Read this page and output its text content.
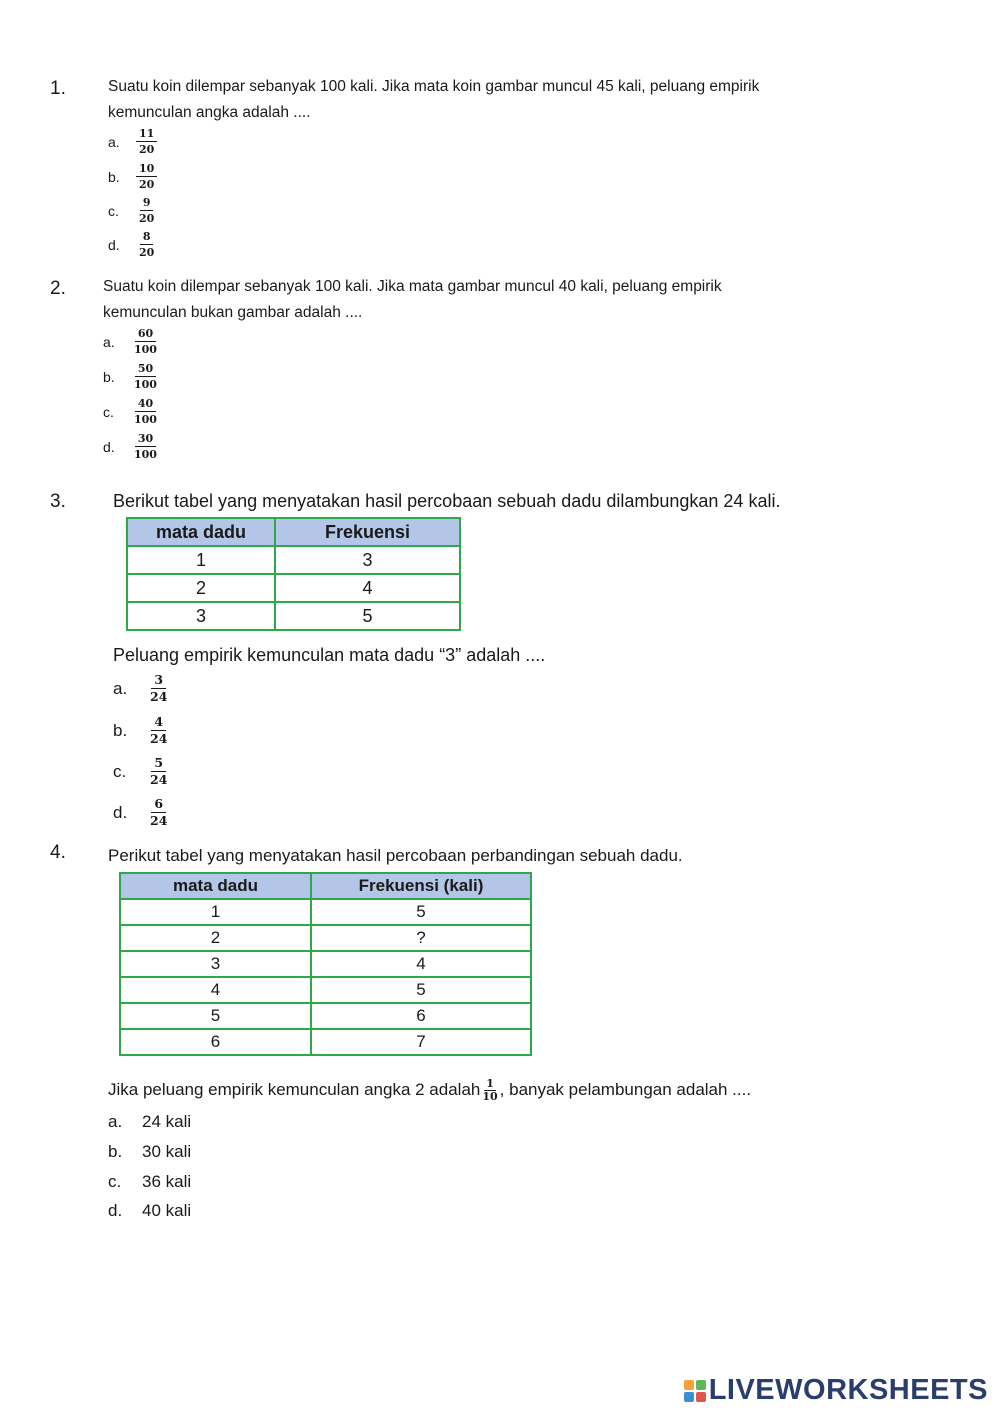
1.	Suatu koin dilempar sebanyak 100 kali. Jika mata koin gambar muncul 45 kali, peluang empirik
kemunculan angka adalah ....
a.	$\frac{11}{20}$
b.	$\frac{10}{20}$
c.	$\frac{9}{20}$
d.	$\frac{8}{20}$
2. Suatu koin dilempar sebanyak 100 kali. Jika mata gambar muncul 40 kali, peluang empirik
kemunculan bukan gambar adalah ....
a.	$\frac{60}{100}$
b.	$\frac{50}{100}$
c.	$\frac{40}{100}$
d.	$\frac{30}{100}$
3.	Berikut tabel yang menyatakan hasil percobaan sebuah dadu dilambungkan 24 kali.
mata dadu	Frekuensi
1	3
2	4
3	5
Peluang empirik kemunculan mata dadu “3” adalah ....
a.	$\frac{3}{24}$
b.	$\frac{4}{24}$
c.	$\frac{5}{24}$
d.	$\frac{6}{24}$
4. Perikut tabel yang menyatakan hasil percobaan perbandingan sebuah dadu.
mata dadu	Frekuensi (kali)
1	5
2	?
3	4
4	5
5	6
6	7
Jika peluang empirik kemunculan angka 2 adalah $\frac{1}{10}$ , banyak pelambungan adalah ....
a.	24 kali
b.	30 kali
c.	36 kali
d.	40 kali
LIVEWORKSHEETS
